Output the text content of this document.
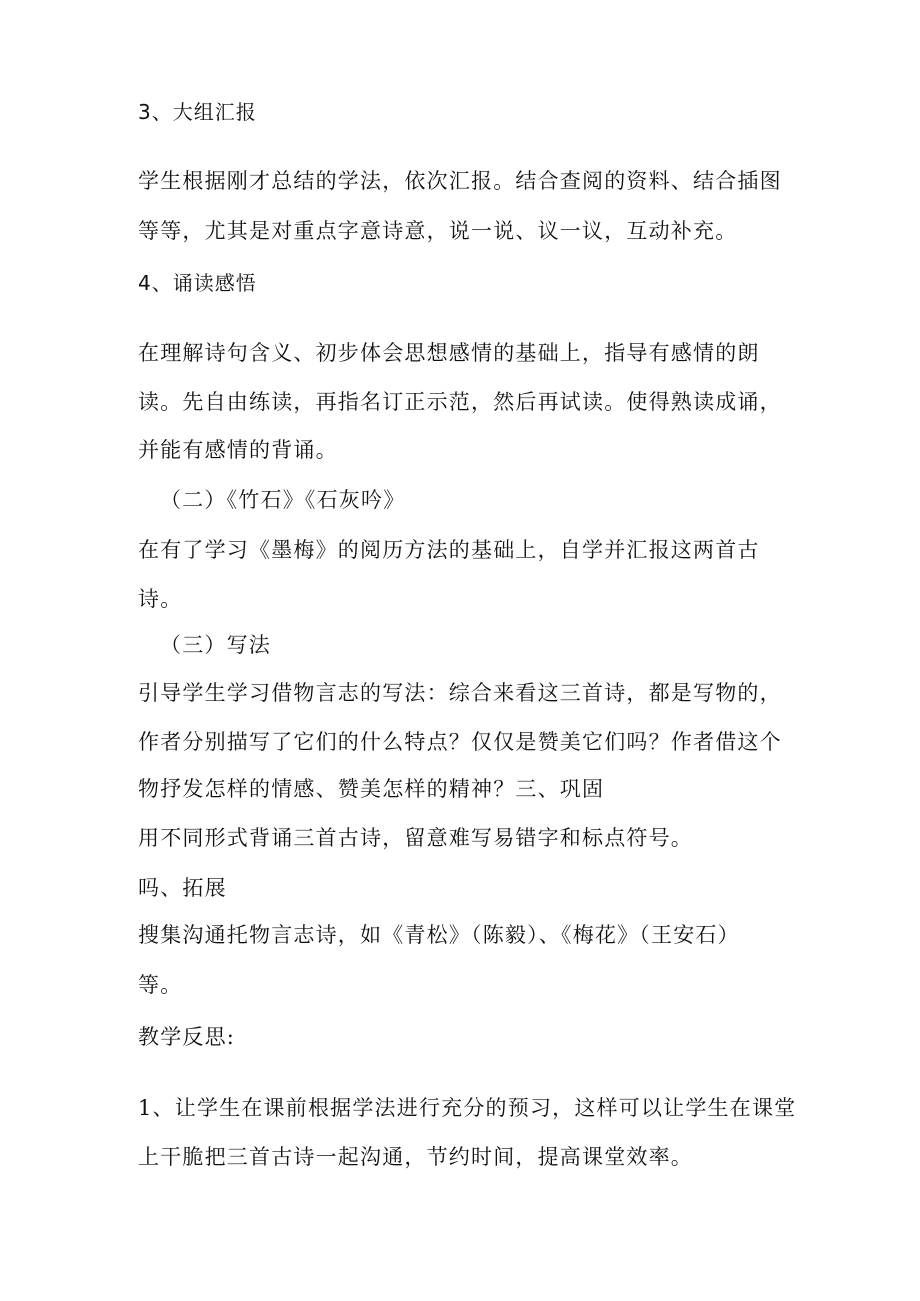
3、大组汇报
学生根据刚才总结的学法，依次汇报。结合查阅的资料、结合插图
等等，尤其是对重点字意诗意，说一说、议一议，互动补充。
4、诵读感悟
在理解诗句含义、初步体会思想感情的基础上，指导有感情的朗
读。先自由练读，再指名订正示范，然后再试读。使得熟读成诵，
并能有感情的背诵。
（二）《竹石》《石灰吟》
在有了学习《墨梅》的阅历方法的基础上，自学并汇报这两首古
诗。
（三）写法
引导学生学习借物言志的写法：综合来看这三首诗，都是写物的，
作者分别描写了它们的什么特点？仅仅是赞美它们吗？作者借这个
物抒发怎样的情感、赞美怎样的精神？三、巩固
用不同形式背诵三首古诗，留意难写易错字和标点符号。
吗、拓展
搜集沟通托物言志诗，如《青松》（陈毅）、《梅花》（王安石）
等。
教学反思:
1、让学生在课前根据学法进行充分的预习，这样可以让学生在课堂
上干脆把三首古诗一起沟通，节约时间，提高课堂效率。
